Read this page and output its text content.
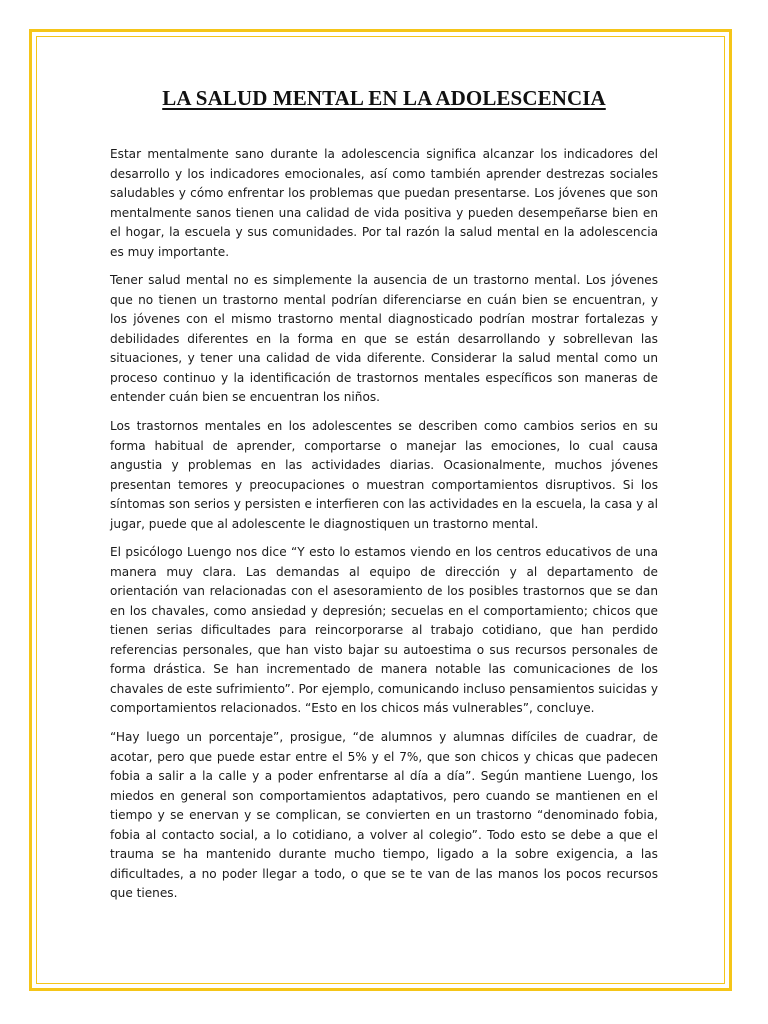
LA SALUD MENTAL EN LA ADOLESCENCIA

Estar mentalmente sano durante la adolescencia significa alcanzar los indicadores del desarrollo y los indicadores emocionales, así como también aprender destrezas sociales saludables y cómo enfrentar los problemas que puedan presentarse. Los jóvenes que son mentalmente sanos tienen una calidad de vida positiva y pueden desempeñarse bien en el hogar, la escuela y sus comunidades. Por tal razón la salud mental en la adolescencia es muy importante.

Tener salud mental no es simplemente la ausencia de un trastorno mental. Los jóvenes que no tienen un trastorno mental podrían diferenciarse en cuán bien se encuentran, y los jóvenes con el mismo trastorno mental diagnosticado podrían mostrar fortalezas y debilidades diferentes en la forma en que se están desarrollando y sobrellevan las situaciones, y tener una calidad de vida diferente. Considerar la salud mental como un proceso continuo y la identificación de trastornos mentales específicos son maneras de entender cuán bien se encuentran los niños.

Los trastornos mentales en los adolescentes se describen como cambios serios en su forma habitual de aprender, comportarse o manejar las emociones, lo cual causa angustia y problemas en las actividades diarias. Ocasionalmente, muchos jóvenes presentan temores y preocupaciones o muestran comportamientos disruptivos. Si los síntomas son serios y persisten e interfieren con las actividades en la escuela, la casa y al jugar, puede que al adolescente le diagnostiquen un trastorno mental.

El psicólogo Luengo nos dice “Y esto lo estamos viendo en los centros educativos de una manera muy clara. Las demandas al equipo de dirección y al departamento de orientación van relacionadas con el asesoramiento de los posibles trastornos que se dan en los chavales, como ansiedad y depresión; secuelas en el comportamiento; chicos que tienen serias dificultades para reincorporarse al trabajo cotidiano, que han perdido referencias personales, que han visto bajar su autoestima o sus recursos personales de forma drástica. Se han incrementado de manera notable las comunicaciones de los chavales de este sufrimiento”. Por ejemplo, comunicando incluso pensamientos suicidas y comportamientos relacionados. “Esto en los chicos más vulnerables”, concluye.

“Hay luego un porcentaje”, prosigue, “de alumnos y alumnas difíciles de cuadrar, de acotar, pero que puede estar entre el 5% y el 7%, que son chicos y chicas que padecen fobia a salir a la calle y a poder enfrentarse al día a día”. Según mantiene Luengo, los miedos en general son comportamientos adaptativos, pero cuando se mantienen en el tiempo y se enervan y se complican, se convierten en un trastorno “denominado fobia, fobia al contacto social, a lo cotidiano, a volver al colegio”. Todo esto se debe a que el trauma se ha mantenido durante mucho tiempo, ligado a la sobre exigencia, a las dificultades, a no poder llegar a todo, o que se te van de las manos los pocos recursos que tienes.
